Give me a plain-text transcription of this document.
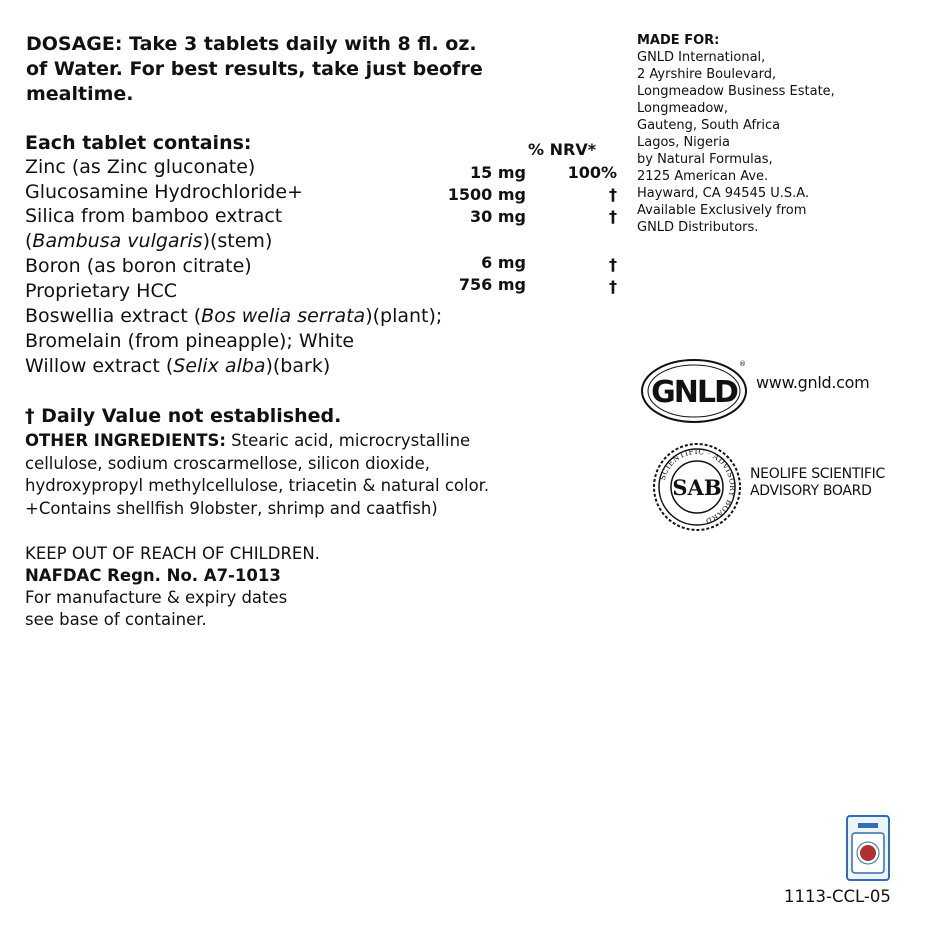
DOSAGE: Take 3 tablets daily with 8 fl. oz.
of Water. For best results, take just beofre
mealtime.
Each tablet contains:	% NRV*
Zinc (as Zinc gluconate)	15 mg	100%
Glucosamine Hydrochloride+	1500 mg	†
Silica from bamboo extract	30 mg	†
(Bambusa vulgaris)(stem)
Boron (as boron citrate)	6 mg	†
Proprietary HCC	756 mg	†
Boswellia extract (Bos welia serrata)(plant);
Bromelain (from pineapple); White
Willow extract (Selix alba)(bark)
† Daily Value not established.
OTHER INGREDIENTS: Stearic acid, microcrystalline
cellulose, sodium croscarmellose, silicon dioxide,
hydroxypropyl methylcellulose, triacetin & natural color.
+Contains shellfish 9lobster, shrimp and caatfish)
KEEP OUT OF REACH OF CHILDREN.
NAFDAC Regn. No. A7-1013
For manufacture & expiry dates
see base of container.
MADE FOR:
GNLD International,
2 Ayrshire Boulevard,
Longmeadow Business Estate,
Longmeadow,
Gauteng, South Africa
Lagos, Nigeria
by Natural Formulas,
2125 American Ave.
Hayward, CA 94545 U.S.A.
Available Exclusively from
GNLD Distributors.
GNLD
®
www.gnld.com
SCIENTIFIC · ADVISORY BOARD
SAB
NEOLIFE SCIENTIFIC
ADVISORY BOARD
1113-CCL-05
